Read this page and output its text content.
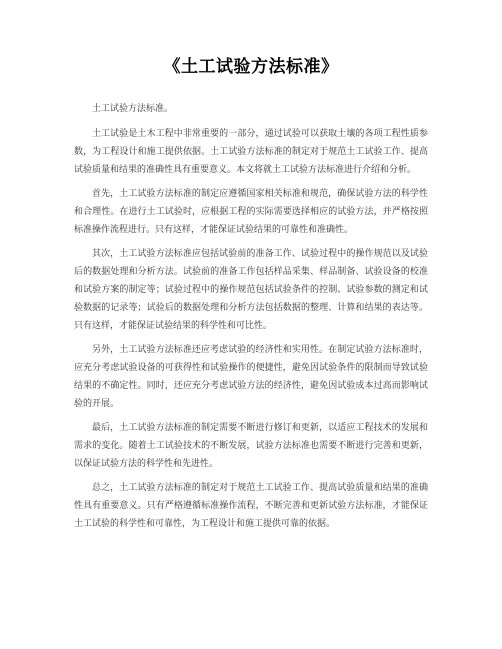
《土工试验方法标准》

土工试验方法标准。

土工试验是土木工程中非常重要的一部分，通过试验可以获取土壤的各项工程性质参数，为工程设计和施工提供依据。土工试验方法标准的制定对于规范土工试验工作、提高试验质量和结果的准确性具有重要意义。本文将就土工试验方法标准进行介绍和分析。

首先，土工试验方法标准的制定应遵循国家相关标准和规范，确保试验方法的科学性和合理性。在进行土工试验时，应根据工程的实际需要选择相应的试验方法，并严格按照标准操作流程进行。只有这样，才能保证试验结果的可靠性和准确性。

其次，土工试验方法标准应包括试验前的准备工作、试验过程中的操作规范以及试验后的数据处理和分析方法。试验前的准备工作包括样品采集、样品制备、试验设备的校准和试验方案的制定等；试验过程中的操作规范包括试验条件的控制、试验参数的测定和试验数据的记录等；试验后的数据处理和分析方法包括数据的整理、计算和结果的表达等。只有这样，才能保证试验结果的科学性和可比性。

另外，土工试验方法标准还应考虑试验的经济性和实用性。在制定试验方法标准时，应充分考虑试验设备的可获得性和试验操作的便捷性，避免因试验条件的限制而导致试验结果的不确定性。同时，还应充分考虑试验方法的经济性，避免因试验成本过高而影响试验的开展。

最后，土工试验方法标准的制定需要不断进行修订和更新，以适应工程技术的发展和需求的变化。随着土工试验技术的不断发展，试验方法标准也需要不断进行完善和更新，以保证试验方法的科学性和先进性。

总之，土工试验方法标准的制定对于规范土工试验工作、提高试验质量和结果的准确性具有重要意义。只有严格遵循标准操作流程，不断完善和更新试验方法标准，才能保证土工试验的科学性和可靠性，为工程设计和施工提供可靠的依据。
